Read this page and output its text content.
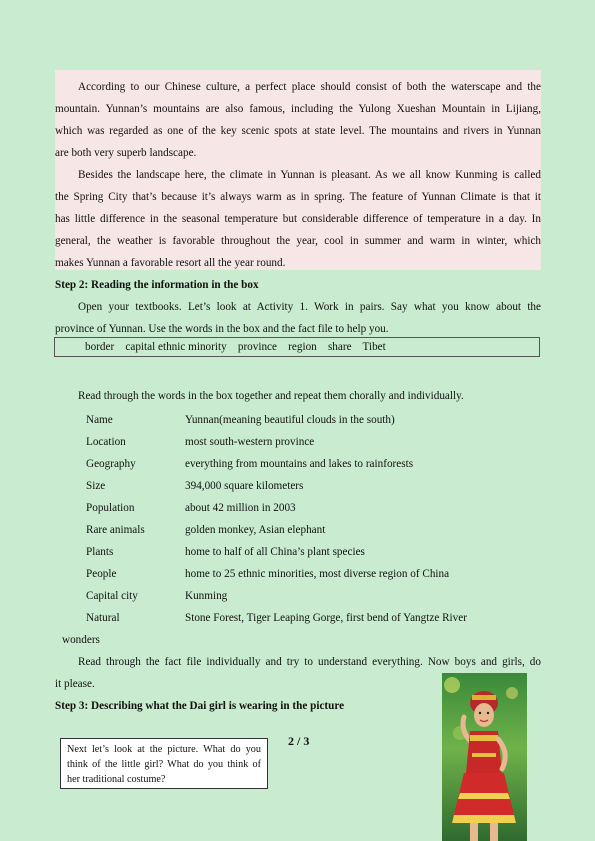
According to our Chinese culture, a perfect place should consist of both the waterscape and the
mountain. Yunnan’s mountains are also famous, including the Yulong Xueshan Mountain in Lijiang,
which was regarded as one of the key scenic spots at state level. The mountains and rivers in Yunnan
are both very superb landscape.
Besides the landscape here, the climate in Yunnan is pleasant. As we all know Kunming is called
the Spring City that’s because it’s always warm as in spring. The feature of Yunnan Climate is that it
has little difference in the seasonal temperature but considerable difference of temperature in a day. In
general, the weather is favorable throughout the year, cool in summer and warm in winter, which
makes Yunnan a favorable resort all the year round.
Step 2: Reading the information in the box
Open your textbooks. Let’s look at Activity 1. Work in pairs. Say what you know about the
province of Yunnan. Use the words in the box and the fact file to help you.
border    capital ethnic minority    province    region    share    Tibet
Read through the words in the box together and repeat them chorally and individually.
Name	Yunnan(meaning beautiful clouds in the south)
Location	most south-western province
Geography	everything from mountains and lakes to rainforests
Size	394,000 square kilometers
Population	about 42 million in 2003
Rare animals	golden monkey, Asian elephant
Plants	home to half of all China’s plant species
People	home to 25 ethnic minorities, most diverse region of China
Capital city	Kunming
Natural	Stone Forest, Tiger Leaping Gorge, first bend of Yangtze River
wonders
Read through the fact file individually and try to understand everything. Now boys and girls, do
it please.
Step 3: Describing what the Dai girl is wearing in the picture
Next let’s look at the picture. What do you think of the little girl? What do you think of her traditional costume?
2 / 3
